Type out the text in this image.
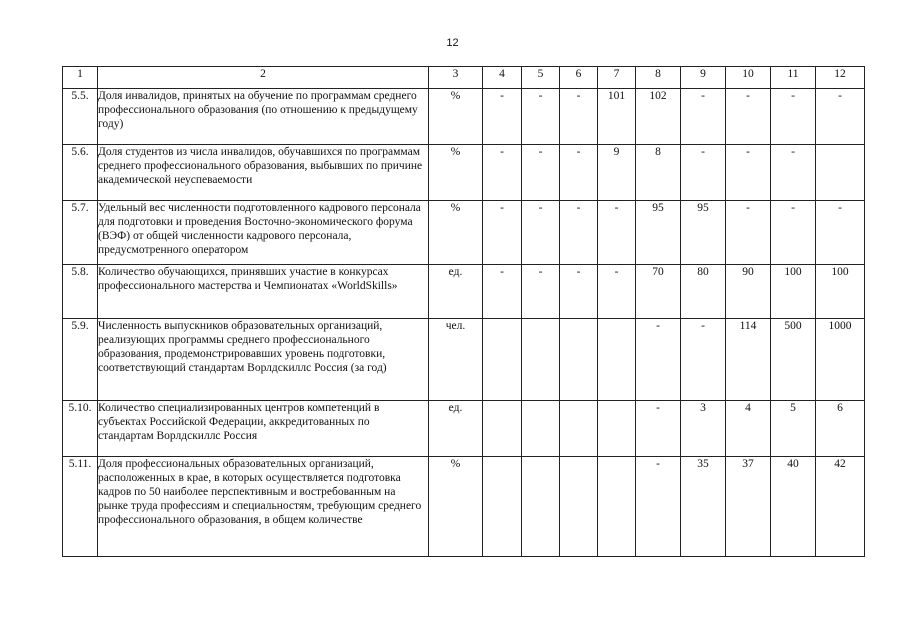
12
1	2	3	4	5	6	7	8	9	10	11	12
5.5.	Доля инвалидов, принятых на обучение по программам среднего профессионального образования (по отношению к предыдущему году)	%	-	-	-	101	102	-	-	-	-
5.6.	Доля студентов из числа инвалидов, обучавшихся по программам среднего профессионального образования, выбывших по причине академической неуспеваемости	%	-	-	-	9	8	-	-	-	
5.7.	Удельный вес численности подготовленного кадрового персонала для подготовки и проведения Восточно-экономического форума (ВЭФ) от общей численности кадрового персонала, предусмотренного оператором	%	-	-	-	-	95	95	-	-	-
5.8.	Количество обучающихся, принявших участие в конкурсах профессионального мастерства и Чемпионатах «WorldSkills»	ед.	-	-	-	-	70	80	90	100	100
5.9.	Численность выпускников образовательных организаций, реализующих программы среднего профессионального образования, продемонстрировавших уровень подготовки, соответствующий стандартам Ворлдскиллс Россия (за год)	чел.					-	-	114	500	1000
5.10.	Количество специализированных центров компетенций в субъектах Российской Федерации, аккредитованных по стандартам Ворлдскиллс Россия	ед.					-	3	4	5	6
5.11.	Доля профессиональных образовательных организаций, расположенных в крае, в которых осуществляется подготовка кадров по 50 наиболее перспективным и востребованным на рынке труда профессиям и специальностям, требующим среднего профессионального образования, в общем количестве	%					-	35	37	40	42
